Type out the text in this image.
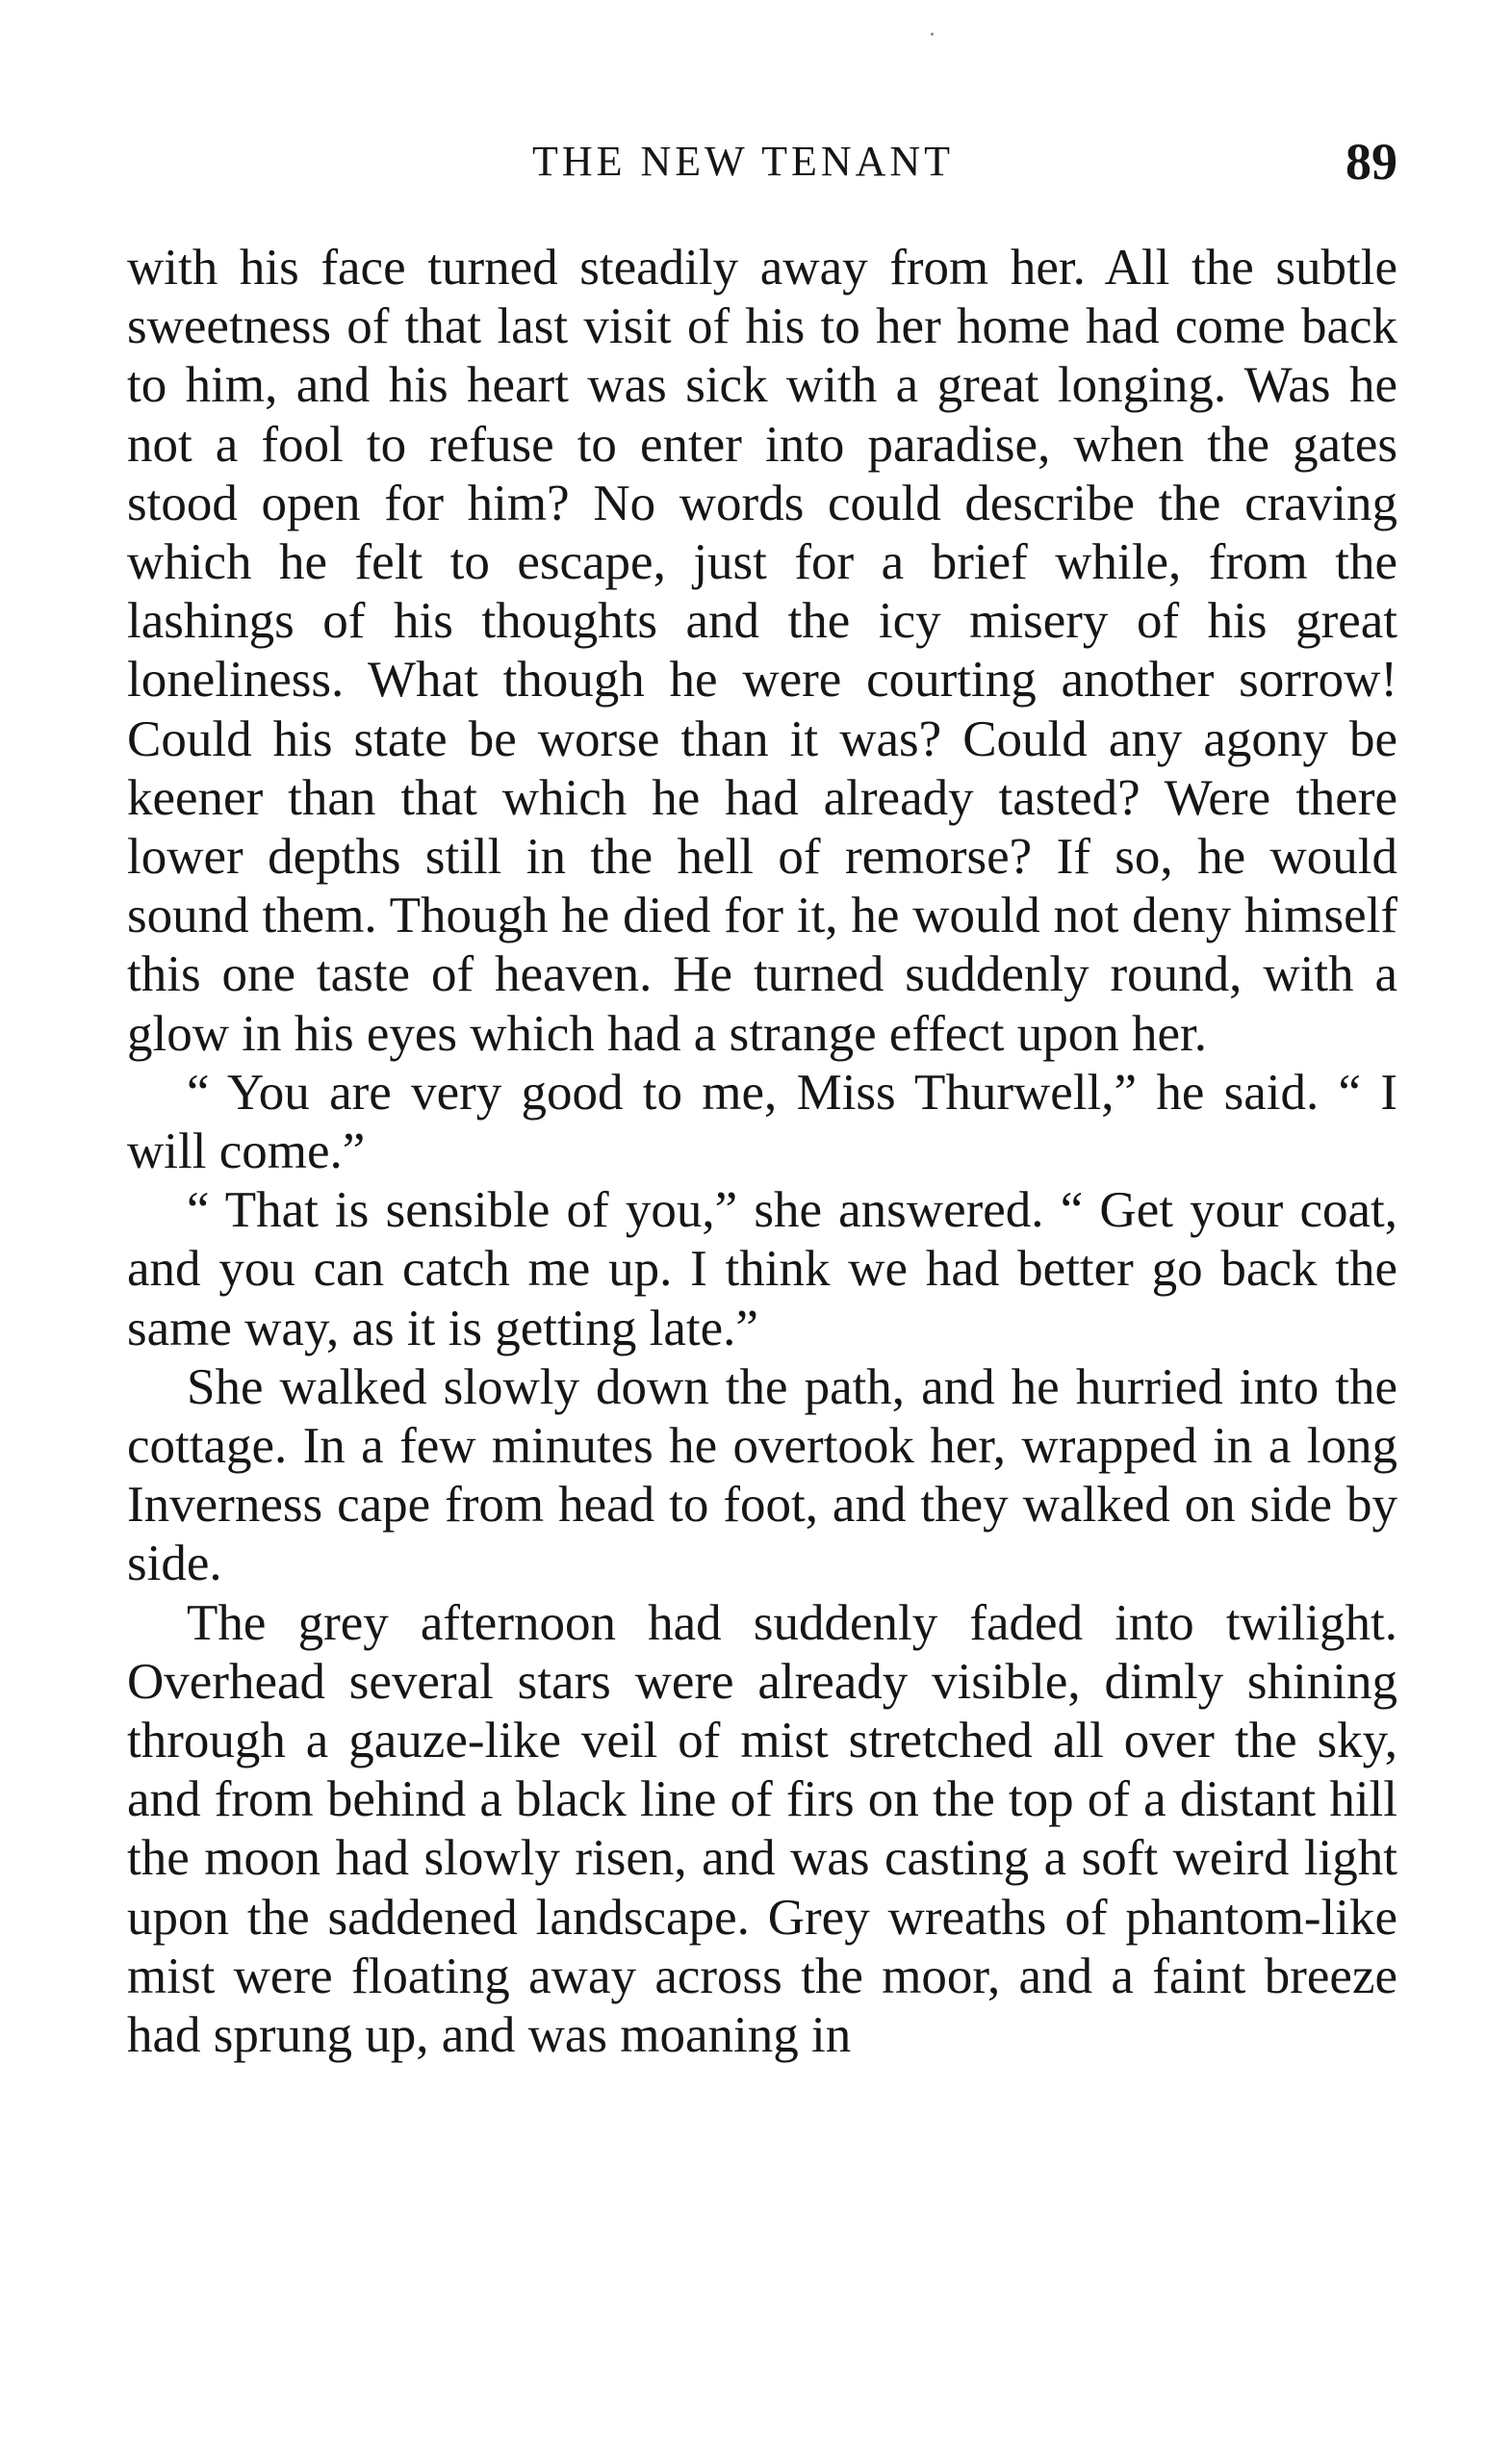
THE NEW TENANT	89

with his face turned steadily away from her. All the subtle sweetness of that last visit of his to her home had come back to him, and his heart was sick with a great longing. Was he not a fool to refuse to enter into paradise, when the gates stood open for him? No words could describe the craving which he felt to escape, just for a brief while, from the lashings of his thoughts and the icy misery of his great loneliness. What though he were courting another sorrow! Could his state be worse than it was? Could any agony be keener than that which he had already tasted? Were there lower depths still in the hell of remorse? If so, he would sound them. Though he died for it, he would not deny himself this one taste of heaven. He turned suddenly round, with a glow in his eyes which had a strange effect upon her.

“ You are very good to me, Miss Thurwell,” he said. “ I will come.”

“ That is sensible of you,” she answered. “ Get your coat, and you can catch me up. I think we had better go back the same way, as it is getting late.”

She walked slowly down the path, and he hurried into the cottage. In a few minutes he overtook her, wrapped in a long Inverness cape from head to foot, and they walked on side by side.

The grey afternoon had suddenly faded into twilight. Overhead several stars were already visible, dimly shining through a gauze-like veil of mist stretched all over the sky, and from behind a black line of firs on the top of a distant hill the moon had slowly risen, and was casting a soft weird light upon the saddened landscape. Grey wreaths of phantom-like mist were floating away across the moor, and a faint breeze had sprung up, and was moaning in
